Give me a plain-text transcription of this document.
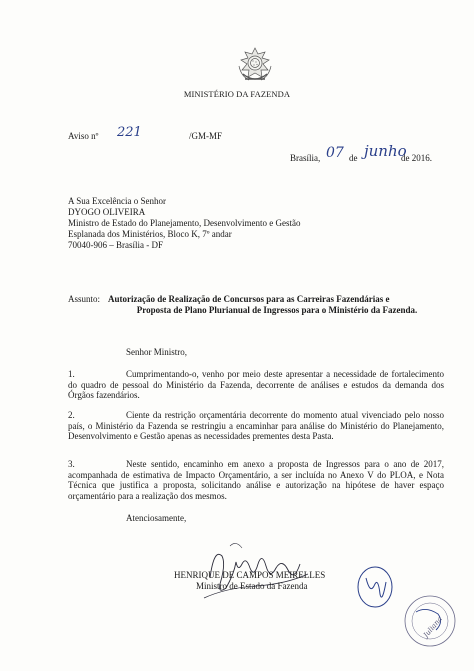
MINISTÉRIO DA FAZENDA
Aviso nº 221	/GM-MF
Brasília, 07 de junho
de 2016.
A Sua Excelência o Senhor
DYOGO OLIVEIRA
Ministro de Estado do Planejamento, Desenvolvimento e Gestão
Esplanada dos Ministérios, Bloco K, 7º andar
70040-906 – Brasília - DF
Assunto: Autorização de Realização de Concursos para as Carreiras Fazendárias e
Proposta de Plano Plurianual de Ingressos para o Ministério da Fazenda.
Senhor Ministro,
1.	Cumprimentando-o, venho por meio deste apresentar a necessidade de fortalecimento do quadro de pessoal do Ministério da Fazenda, decorrente de análises e estudos da demanda dos Órgãos fazendários.
2.	Ciente da restrição orçamentária decorrente do momento atual vivenciado pelo nosso país, o Ministério da Fazenda se restringiu a encaminhar para análise do Ministério do Planejamento, Desenvolvimento e Gestão apenas as necessidades prementes desta Pasta.
3.	Neste sentido, encaminho em anexo a proposta de Ingressos para o ano de 2017, acompanhada de estimativa de Impacto Orçamentário, a ser incluída no Anexo V do PLOA, e Nota Técnica que justifica a proposta, solicitando análise e autorização na hipótese de haver espaço orçamentário para a realização dos mesmos.
Atenciosamente,
HENRIQUE DE CAMPOS MEIRELLES
Ministro de Estado da Fazenda
Juliana
